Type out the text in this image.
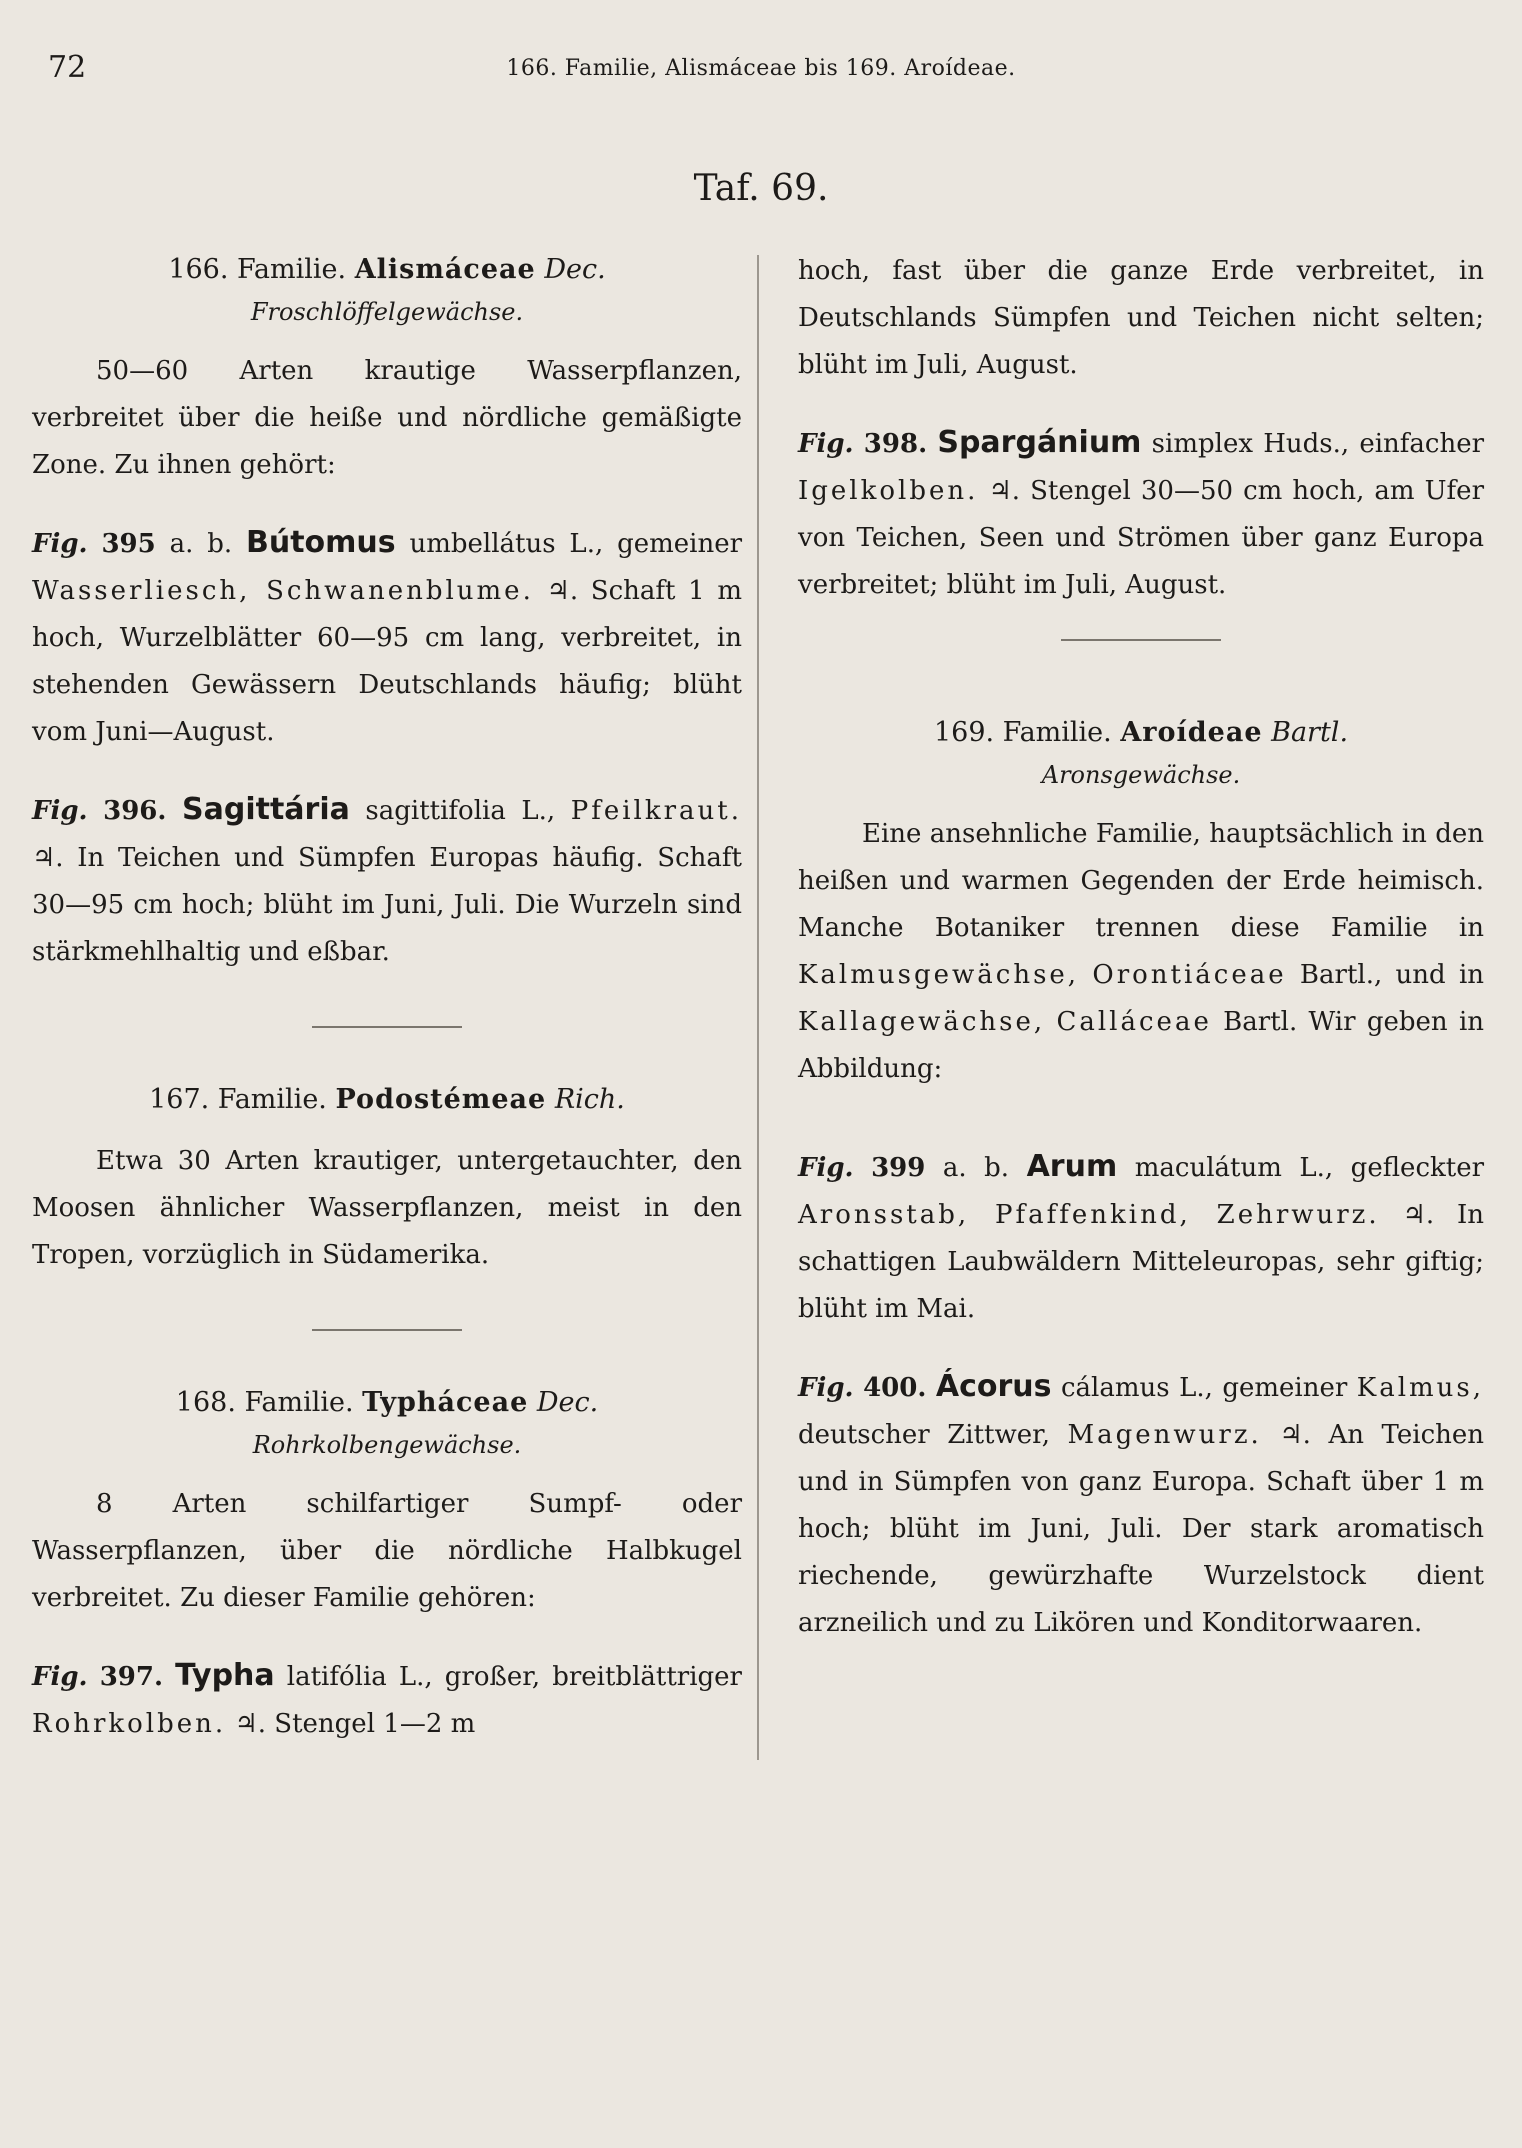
72	166. Familie, Alismáceae bis 169. Aroídeae.
Taf. 69.

166. Familie. Alismáceae Dec.

Froschlöffelgewächse.

50—60 Arten krautige Wasserpflanzen, verbreitet über die heiße und nördliche gemäßigte Zone. Zu ihnen gehört:

Fig. 395 a. b. Bútomus umbellátus L., gemeiner Wasserliesch, Schwanenblume. ♃. Schaft 1 m hoch, Wurzelblätter 60—95 cm lang, verbreitet, in stehenden Gewässern Deutschlands häufig; blüht vom Juni—August.

Fig. 396. Sagittária sagittifolia L., Pfeilkraut. ♃. In Teichen und Sümpfen Europas häufig. Schaft 30—95 cm hoch; blüht im Juni, Juli. Die Wurzeln sind stärkmehlhaltig und eßbar.

167. Familie. Podostémeae Rich.

Etwa 30 Arten krautiger, untergetauchter, den Moosen ähnlicher Wasserpflanzen, meist in den Tropen, vorzüglich in Südamerika.

168. Familie. Typháceae Dec.

Rohrkolbengewächse.

8 Arten schilfartiger Sumpf- oder Wasserpflanzen, über die nördliche Halbkugel verbreitet. Zu dieser Familie gehören:

Fig. 397. Typha latifólia L., großer, breitblättriger Rohrkolben. ♃. Stengel 1—2 m

hoch, fast über die ganze Erde verbreitet, in Deutschlands Sümpfen und Teichen nicht selten; blüht im Juli, August.

Fig. 398. Spargánium simplex Huds., einfacher Igelkolben. ♃. Stengel 30—50 cm hoch, am Ufer von Teichen, Seen und Strömen über ganz Europa verbreitet; blüht im Juli, August.

169. Familie. Aroídeae Bartl.

Aronsgewächse.

Eine ansehnliche Familie, hauptsächlich in den heißen und warmen Gegenden der Erde heimisch. Manche Botaniker trennen diese Familie in Kalmusgewächse, Orontiáceae Bartl., und in Kallagewächse, Calláceae Bartl. Wir geben in Abbildung:

Fig. 399 a. b. Arum maculátum L., gefleckter Aronsstab, Pfaffenkind, Zehrwurz. ♃. In schattigen Laubwäldern Mitteleuropas, sehr giftig; blüht im Mai.

Fig. 400. Ácorus cálamus L., gemeiner Kalmus, deutscher Zittwer, Magenwurz. ♃. An Teichen und in Sümpfen von ganz Europa. Schaft über 1 m hoch; blüht im Juni, Juli. Der stark aromatisch riechende, gewürzhafte Wurzelstock dient arzneilich und zu Likören und Konditorwaaren.
